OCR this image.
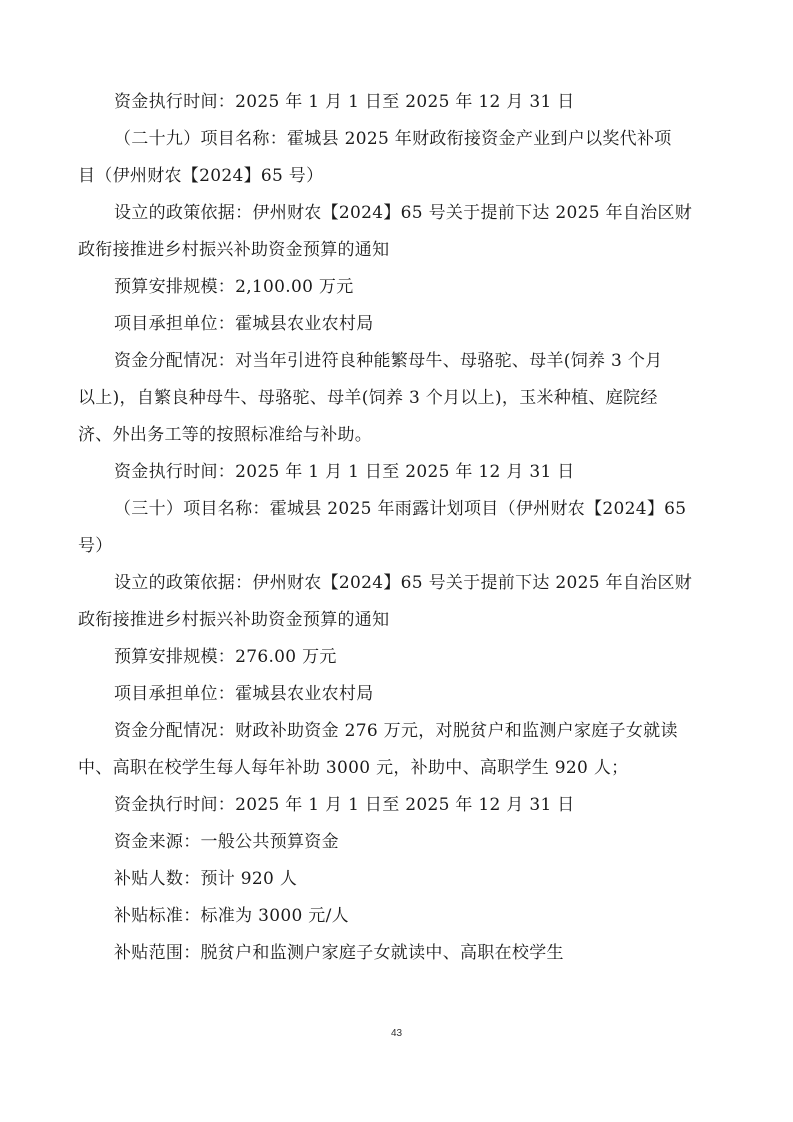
资金执行时间：2025 年 1 月 1 日至 2025 年 12 月 31 日
（二十九）项目名称：霍城县 2025 年财政衔接资金产业到户以奖代补项
目（伊州财农【2024】65 号）
设立的政策依据：伊州财农【2024】65 号关于提前下达 2025 年自治区财
政衔接推进乡村振兴补助资金预算的通知
预算安排规模：2,100.00 万元
项目承担单位：霍城县农业农村局
资金分配情况：对当年引进符良种能繁母牛、母骆驼、母羊(饲养 3 个月
以上)，自繁良种母牛、母骆驼、母羊(饲养 3 个月以上)，玉米种植、庭院经
济、外出务工等的按照标准给与补助。
资金执行时间：2025 年 1 月 1 日至 2025 年 12 月 31 日
（三十）项目名称：霍城县 2025 年雨露计划项目（伊州财农【2024】65
号）
设立的政策依据：伊州财农【2024】65 号关于提前下达 2025 年自治区财
政衔接推进乡村振兴补助资金预算的通知
预算安排规模：276.00 万元
项目承担单位：霍城县农业农村局
资金分配情况：财政补助资金 276 万元，对脱贫户和监测户家庭子女就读
中、高职在校学生每人每年补助 3000 元，补助中、高职学生 920 人；
资金执行时间：2025 年 1 月 1 日至 2025 年 12 月 31 日
资金来源：一般公共预算资金
补贴人数：预计 920 人
补贴标准：标准为 3000 元/人
补贴范围：脱贫户和监测户家庭子女就读中、高职在校学生
43
